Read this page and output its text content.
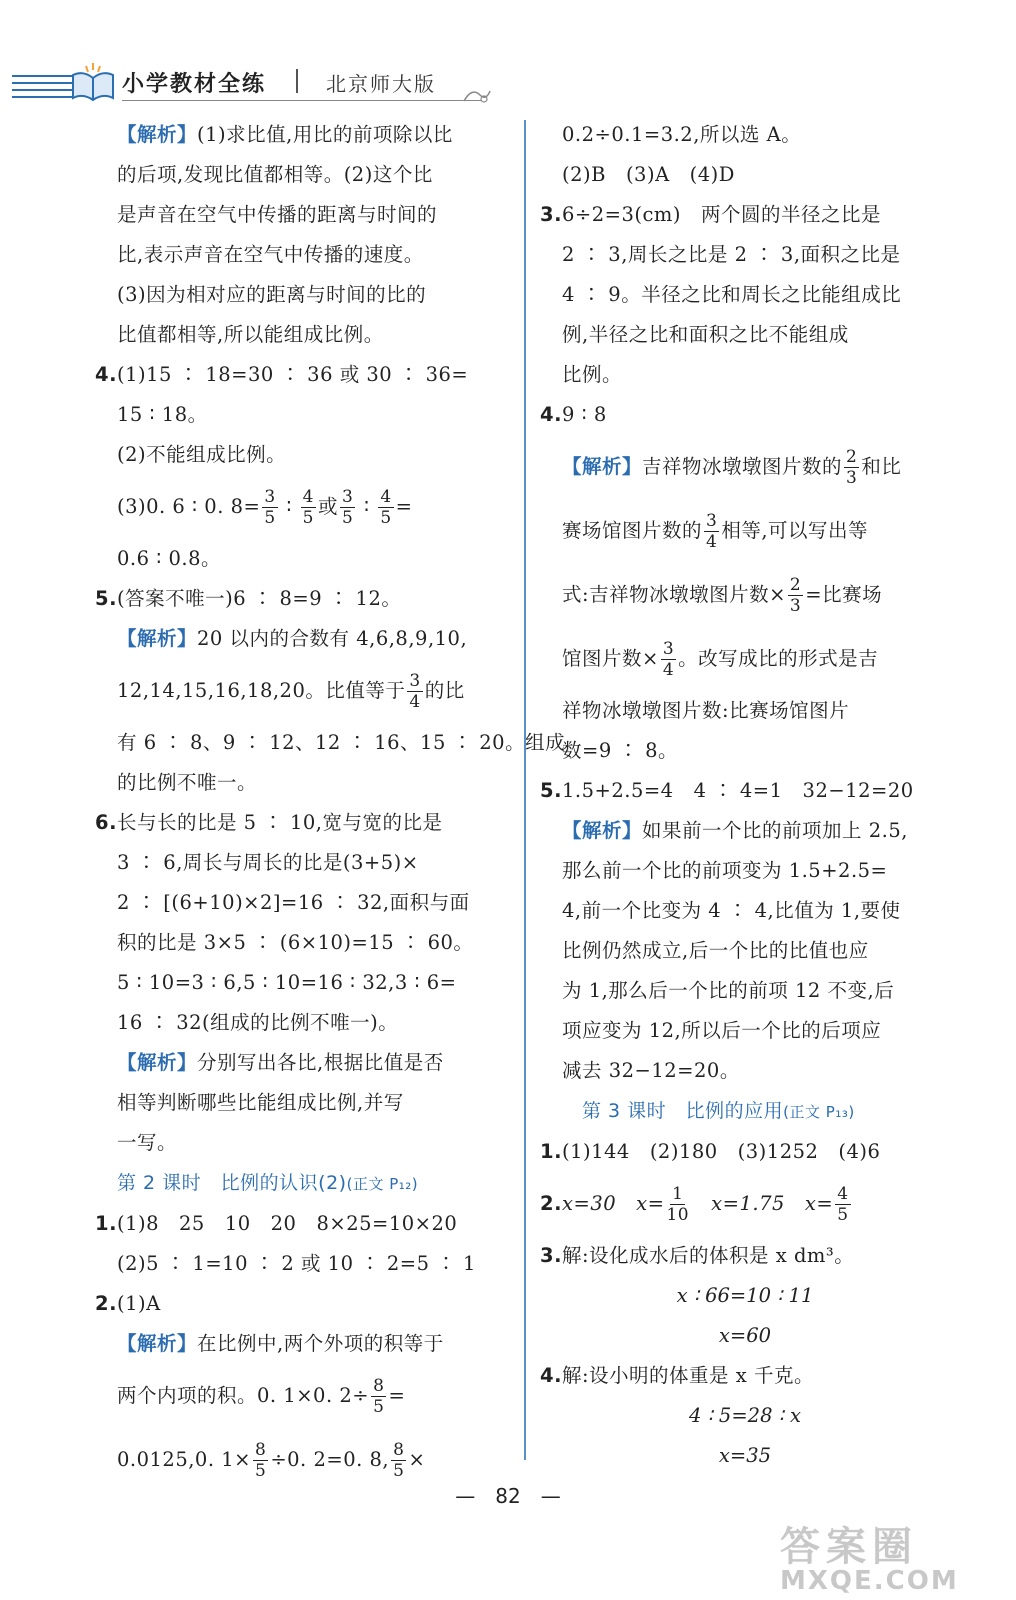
小学教材全练	北京师大版
【解析】(1)求比值,用比的前项除以比
的后项,发现比值都相等。(2)这个比
是声音在空气中传播的距离与时间的
比,表示声音在空气中传播的速度。
(3)因为相对应的距离与时间的比的
比值都相等,所以能组成比例。
4.(1)15 ∶ 18=30 ∶ 36 或 30 ∶ 36=
15 ∶ 18。
(2)不能组成比例。
(3)0. 6 ∶ 0. $8= \frac{3}{5}$ ∶ $\frac{4}{5}$ 或 $\frac{3}{5}$ ∶ $\frac{4}{5}$ =
0.6 ∶ 0.8。
5.(答案不唯一)6 ∶ 8=9 ∶ 12。
【解析】20 以内的合数有 4,6,8,9,10,
12,14,15,16,18,20。比值等于 $\frac{3}{4}$ 的比
有 6 ∶ 8、9 ∶ 12、12 ∶ 16、15 ∶ 20。组成
的比例不唯一。
6.长与长的比是 5 ∶ 10,宽与宽的比是
3 ∶ 6,周长与周长的比是(3+5)×
2 ∶ [(6+10)×2]=16 ∶ 32,面积与面
积的比是 3×5 ∶ (6×10)=15 ∶ 60。
5 ∶ 10=3 ∶ 6,5 ∶ 10=16 ∶ 32,3 ∶ 6=
16 ∶ 32(组成的比例不唯一)。
【解析】分别写出各比,根据比值是否
相等判断哪些比能组成比例,并写
一写。
第 2 课时　比例的认识(2)(正文 P₁₂)
1.(1)8　25　10　20　8×25=10×20
(2)5 ∶ 1=10 ∶ 2 或 10 ∶ 2=5 ∶ 1
2.(1)A
【解析】在比例中,两个外项的积等于
两个内项的积。0. 1×0. $2\div \frac{8}{5}$ =
0.0125,0. $1\times \frac{8}{5} \div 0$. 2=0. 8, $\frac{8}{5}$ ×
0.2÷0.1=3.2,所以选 A。
(2)B　(3)A　(4)D
3.6÷2=3(cm)　两个圆的半径之比是
2 ∶ 3,周长之比是 2 ∶ 3,面积之比是
4 ∶ 9。半径之比和周长之比能组成比
例,半径之比和面积之比不能组成
比例。
4.9 ∶ 8
【解析】吉祥物冰墩墩图片数的 $\frac{2}{3}$ 和比
赛场馆图片数的 $\frac{3}{4}$ 相等,可以写出等
式:吉祥物冰墩墩图片数× $\frac{2}{3}$ =比赛场
馆图片数× $\frac{3}{4}$ 。改写成比的形式是吉
祥物冰墩墩图片数:比赛场馆图片
数=9 ∶ 8。
5.1.5+2.5=4　4 ∶ 4=1　32−12=20
【解析】如果前一个比的前项加上 2.5,
那么前一个比的前项变为 1.5+2.5=
4,前一个比变为 4 ∶ 4,比值为 1,要使
比例仍然成立,后一个比的比值也应
为 1,那么后一个比的前项 12 不变,后
项应变为 12,所以后一个比的后项应
减去 32−12=20。
第 3 课时　比例的应用(正文 P₁₃)
1.(1)144　(2)180　(3)1252　(4)6
2.x=30　$x= \frac{1}{10}$
　 x=1.75　$x= \frac{4}{5}$
3.解:设化成水后的体积是 x dm³。
x ∶ 66=10 ∶ 11
x=60
4.解:设小明的体重是 x 千克。
4 ∶ 5=28 ∶ x
x=35
—　82　—
答案圈
MXQE.COM
